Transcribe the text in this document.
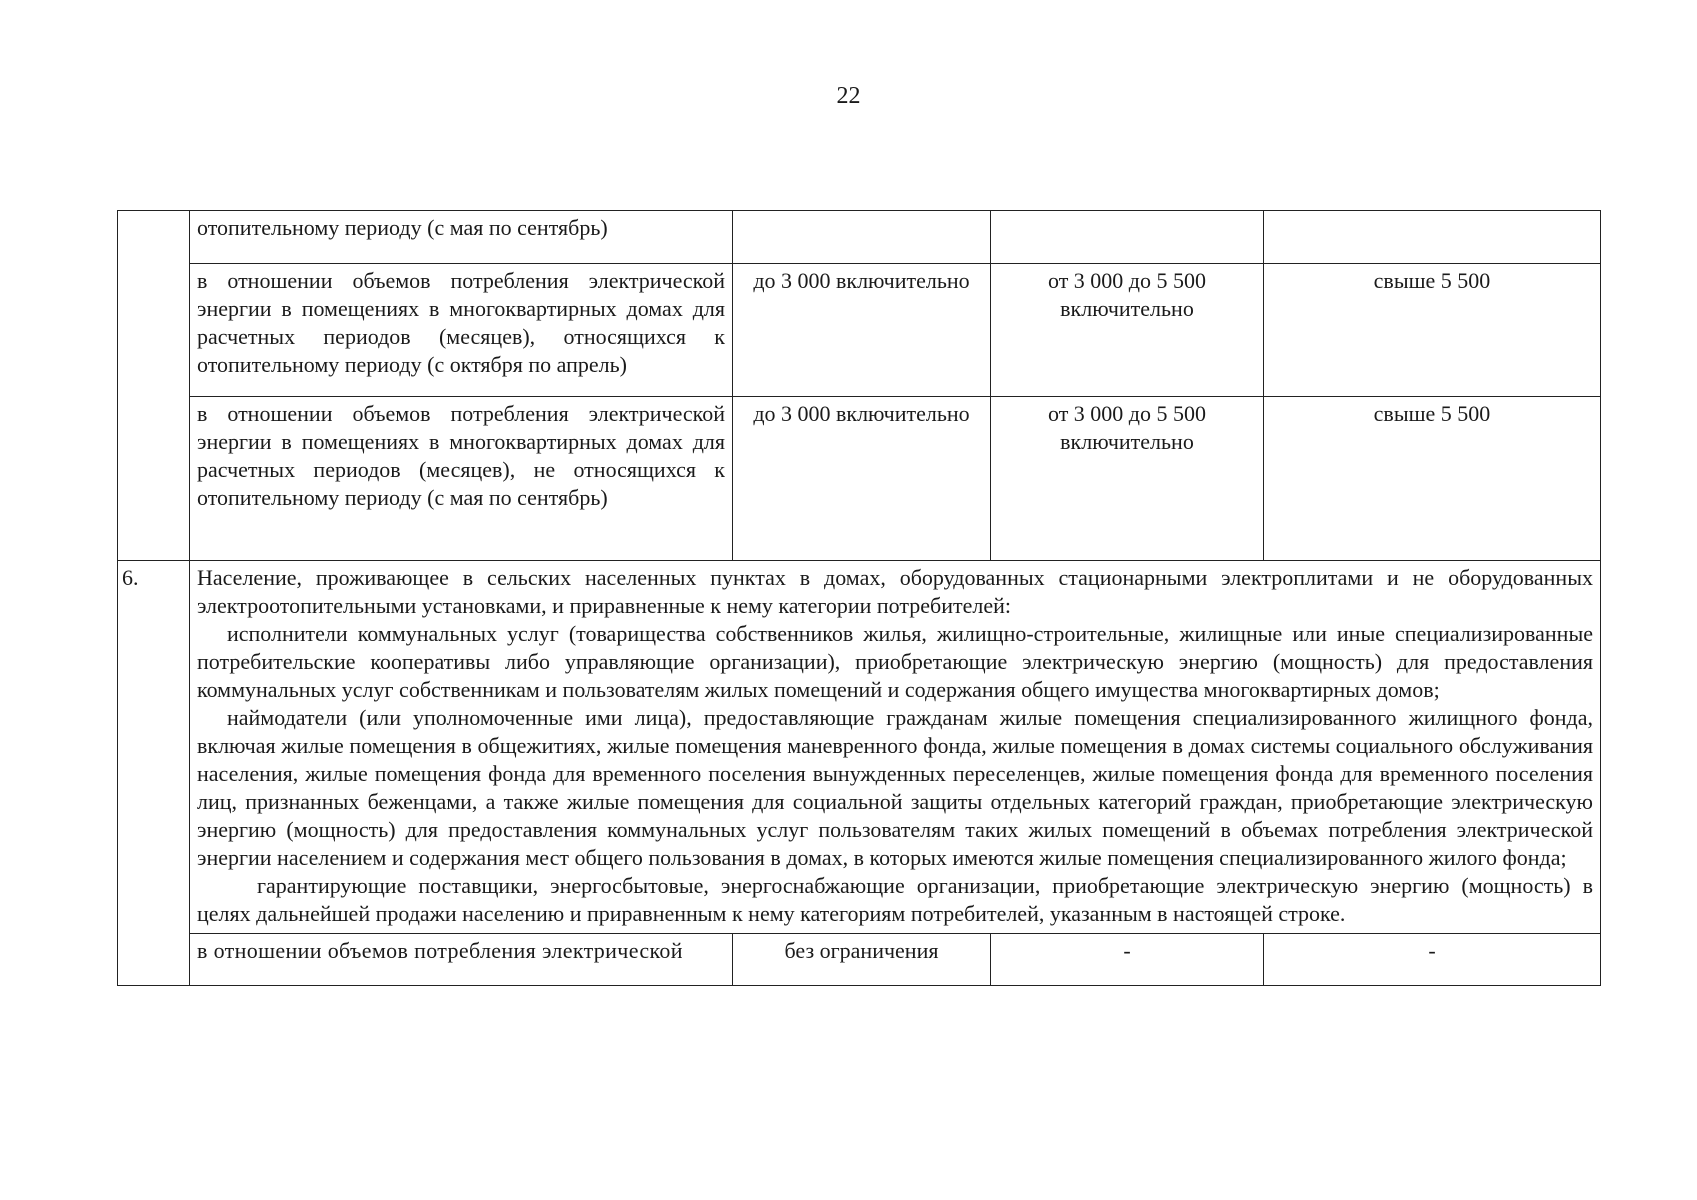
22
	отопительному периоду (с мая по сентябрь)			
	в отношении объемов потребления электрической энергии в помещениях в многоквартирных домах для расчетных периодов (месяцев), относящихся к отопительному периоду (с октября по апрель)	до 3 000 включительно	от 3 000 до 5 500 включительно	свыше 5 500
	в отношении объемов потребления электрической энергии в помещениях в многоквартирных домах для расчетных периодов (месяцев), не относящихся к отопительному периоду (с мая по сентябрь)	до 3 000 включительно	от 3 000 до 5 500 включительно	свыше 5 500
6.	Население, проживающее в сельских населенных пунктах в домах, оборудованных стационарными электроплитами и не оборудованных электроотопительными установками, и приравненные к нему категории потребителей:

исполнители коммунальных услуг (товарищества собственников жилья, жилищно-строительные, жилищные или иные специализированные потребительские кооперативы либо управляющие организации), приобретающие электрическую энергию (мощность) для предоставления коммунальных услуг собственникам и пользователям жилых помещений и содержания общего имущества многоквартирных домов;

наймодатели (или уполномоченные ими лица), предоставляющие гражданам жилые помещения специализированного жилищного фонда, включая жилые помещения в общежитиях, жилые помещения маневренного фонда, жилые помещения в домах системы социального обслуживания населения, жилые помещения фонда для временного поселения вынужденных переселенцев, жилые помещения фонда для временного поселения лиц, признанных беженцами, а также жилые помещения для социальной защиты отдельных категорий граждан, приобретающие электрическую энергию (мощность) для предоставления коммунальных услуг пользователям таких жилых помещений в объемах потребления электрической энергии населением и содержания мест общего пользования в домах, в которых имеются жилые помещения специализированного жилого фонда;

гарантирующие поставщики, энергосбытовые, энергоснабжающие организации, приобретающие электрическую энергию (мощность) в целях дальнейшей продажи населению и приравненным к нему категориям потребителей, указанным в настоящей строке.			

	в отношении объемов потребления электрической	без ограничения	-	-
